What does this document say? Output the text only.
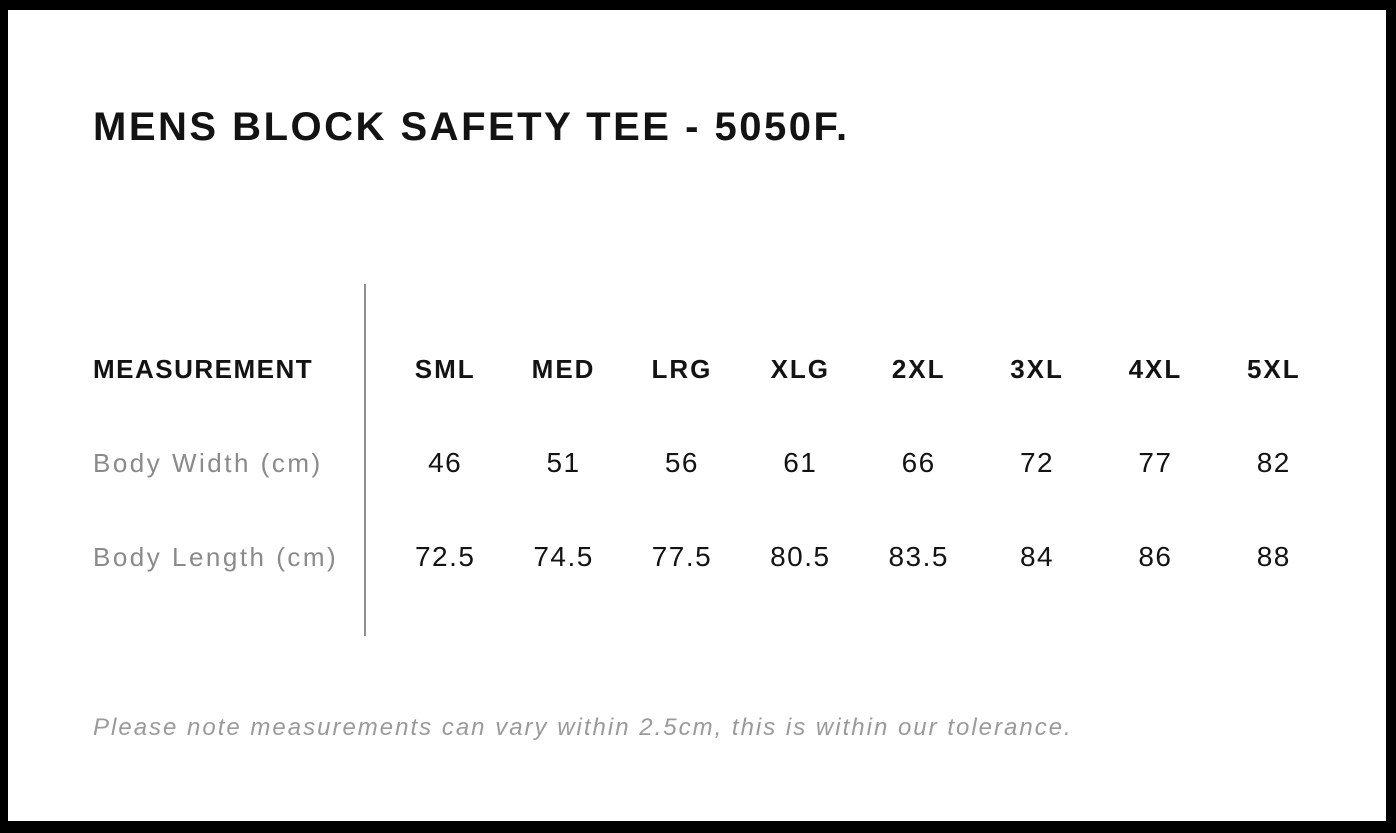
MENS BLOCK SAFETY TEE - 5050F.
MEASUREMENT	SML	MED	LRG	XLG	2XL	3XL	4XL	5XL
Body Width (cm)	46	51	56	61	66	72	77	82
Body Length (cm)	72.5	74.5	77.5	80.5	83.5	84	86	88

Please note measurements can vary within 2.5cm, this is within our tolerance.
